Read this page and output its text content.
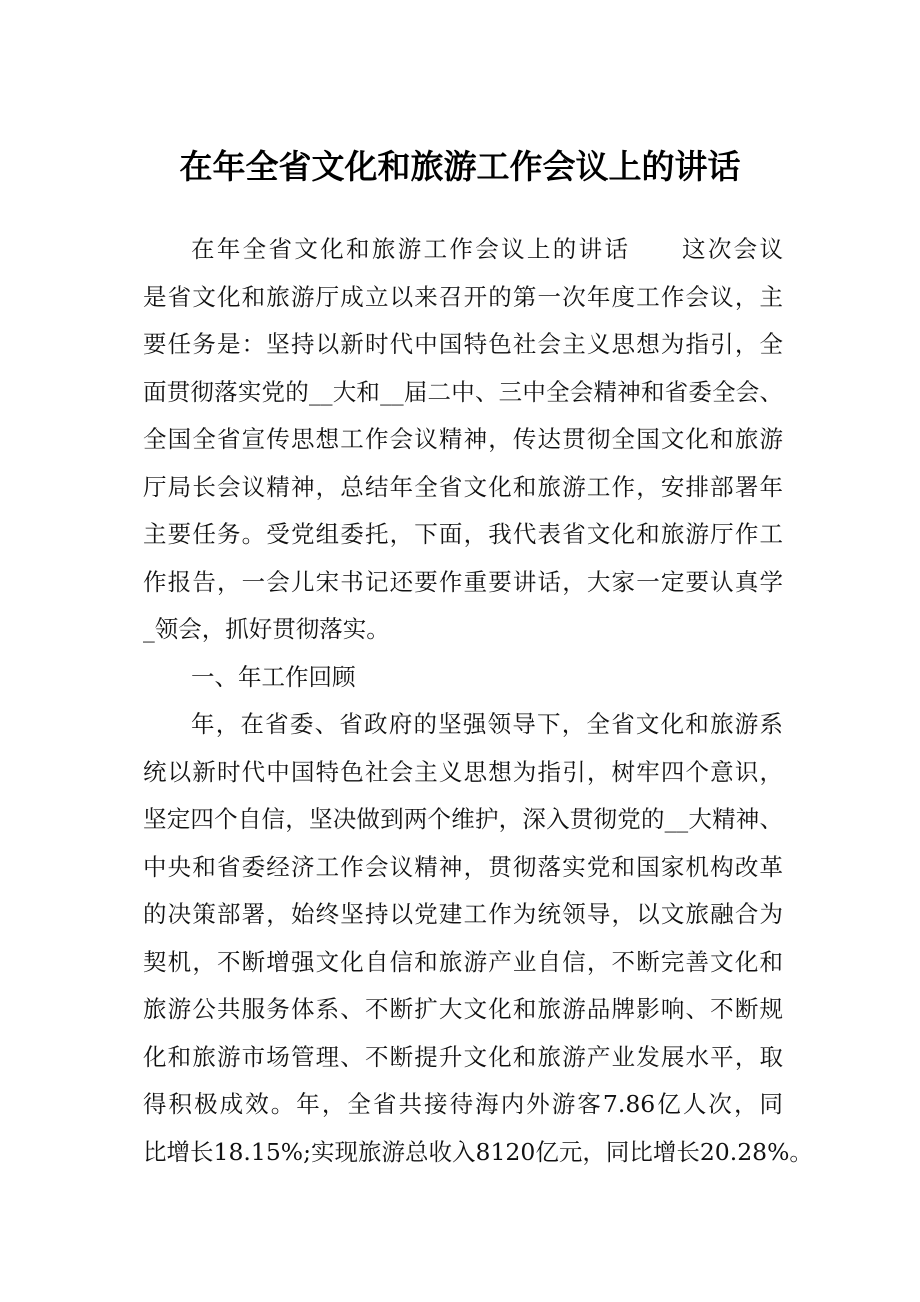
在年全省文化和旅游工作会议上的讲话
在年全省文化和旅游工作会议上的讲话　　这次会议
是省文化和旅游厅成立以来召开的第一次年度工作会议，主
要任务是：坚持以新时代中国特色社会主义思想为指引，全
面贯彻落实党的__大和__届二中、三中全会精神和省委全会、
全国全省宣传思想工作会议精神，传达贯彻全国文化和旅游
厅局长会议精神，总结年全省文化和旅游工作，安排部署年
主要任务。受党组委托，下面，我代表省文化和旅游厅作工
作报告，一会儿宋书记还要作重要讲话，大家一定要认真学
_领会，抓好贯彻落实。
一、年工作回顾
年，在省委、省政府的坚强领导下，全省文化和旅游系
统以新时代中国特色社会主义思想为指引，树牢四个意识，
坚定四个自信，坚决做到两个维护，深入贯彻党的__大精神、
中央和省委经济工作会议精神，贯彻落实党和国家机构改革
的决策部署，始终坚持以党建工作为统领导，以文旅融合为
契机，不断增强文化自信和旅游产业自信，不断完善文化和
旅游公共服务体系、不断扩大文化和旅游品牌影响、不断规
化和旅游市场管理、不断提升文化和旅游产业发展水平，取
得积极成效。年，全省共接待海内外游客7.86亿人次，同
比增长18.15%;实现旅游总收入8120亿元，同比增长20.28%。
